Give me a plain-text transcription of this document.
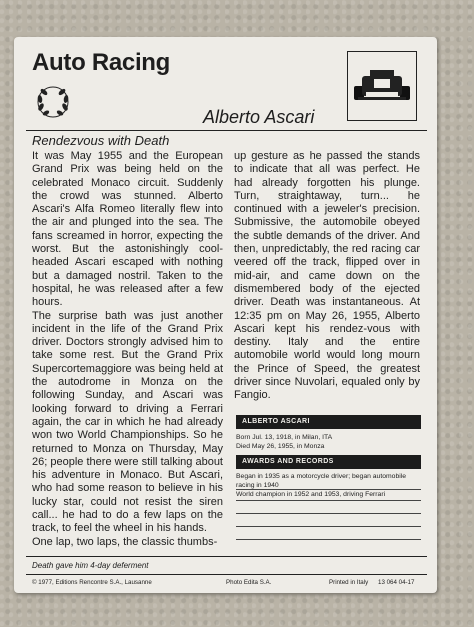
Auto Racing
Alberto Ascari
Rendezvous with Death

It was May 1955 and the European Grand Prix was being held on the celebrated Monaco circuit. Suddenly the crowd was stunned. Alberto Ascari's Alfa Romeo literally flew into the air and plunged into the sea. The fans screamed in horror, expecting the worst. But the astonishingly cool-headed Ascari escaped with nothing but a damaged nostril. Taken to the hospital, he was released after a few hours.

The surprise bath was just another incident in the life of the Grand Prix driver. Doctors strongly advised him to take some rest. But the Grand Prix Supercortemaggiore was being held at the autodrome in Monza on the following Sunday, and Ascari was looking forward to driving a Ferrari again, the car in which he had already won two World Championships. So he returned to Monza on Thursday, May 26; people there were still talking about his adventure in Monaco. But Ascari, who had some reason to believe in his lucky star, could not resist the siren call... he had to do a few laps on the track, to feel the wheel in his hands.

One lap, two laps, the classic thumbs-

up gesture as he passed the stands to indicate that all was perfect. He had already forgotten his plunge. Turn, straightaway, turn... he continued with a jeweler's precision. Submissive, the automobile obeyed the subtle demands of the driver. And then, unpredictably, the red racing car veered off the track, flipped over in mid-air, and came down on the dismembered body of the ejected driver. Death was instantaneous. At 12:35 pm on May 26, 1955, Alberto Ascari kept his rendez-vous with destiny. Italy and the entire automobile world would long mourn the Prince of Speed, the greatest driver since Nuvolari, equaled only by Fangio.

ALBERTO ASCARI
Born Jul. 13, 1918, in Milan, ITA
Died May 26, 1955, in Monza
AWARDS AND RECORDS
Began in 1935 as a motorcycle driver; began automobile racing in 1940
World champion in 1952 and 1953, driving Ferrari
Death gave him 4-day deferment
© 1977, Editions Rencontre S.A., Lausanne	Photo Edita S.A.	Printed in Italy 13 064 04-17
